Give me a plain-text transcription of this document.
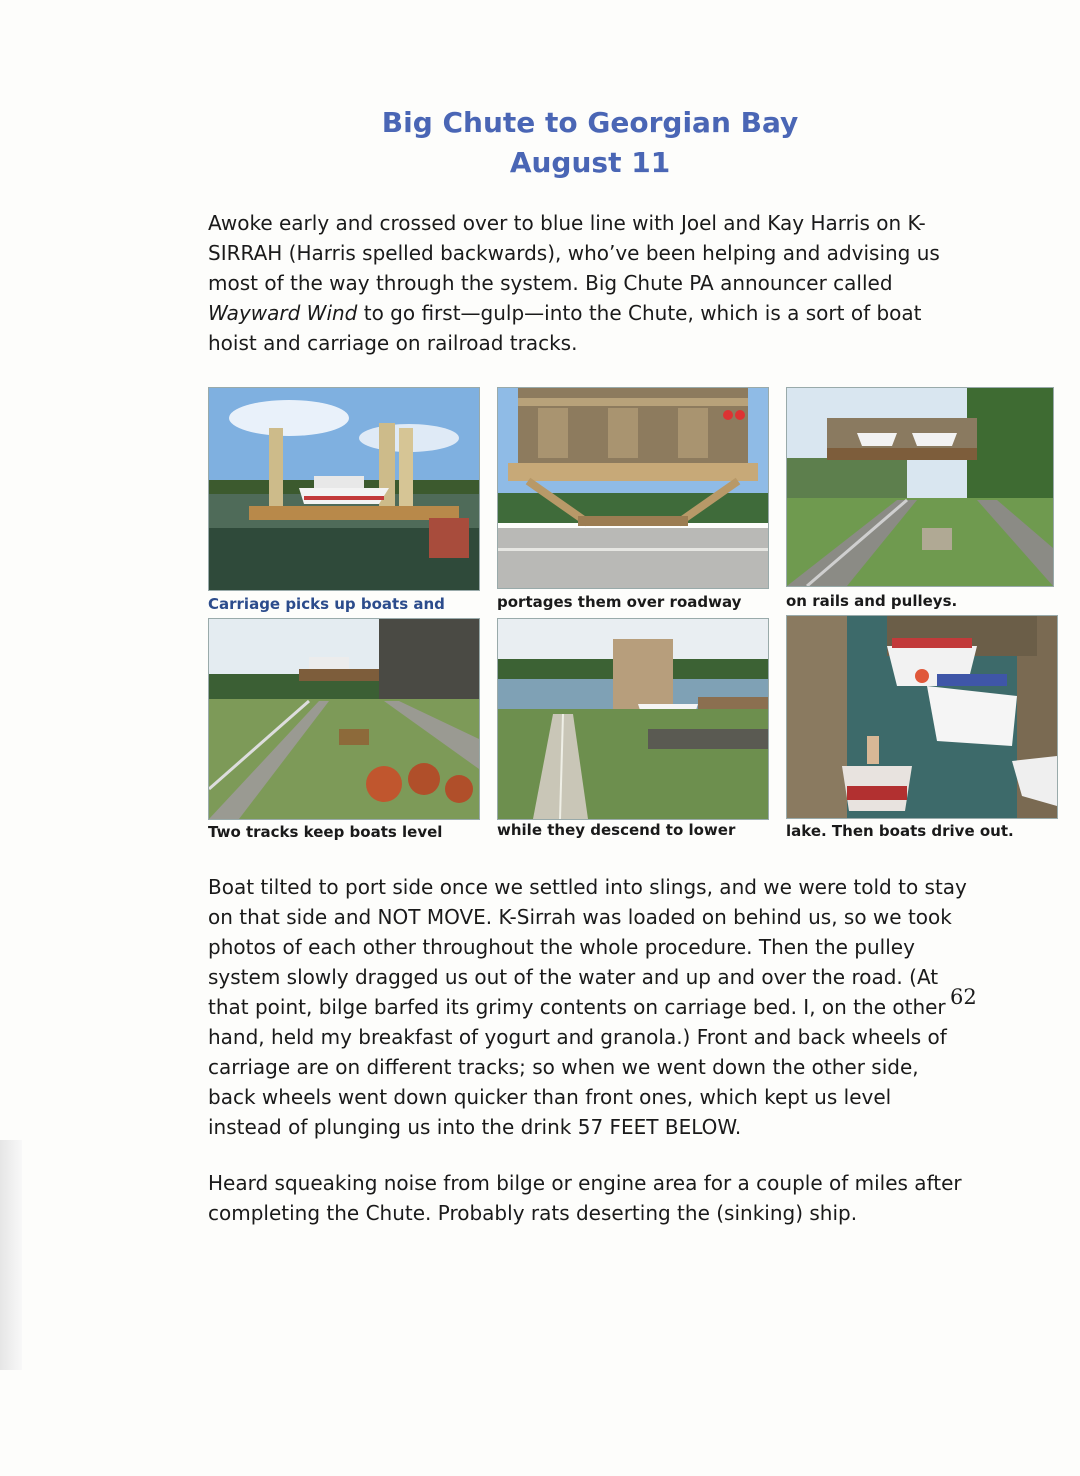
Big Chute to Georgian Bay
August 11

Awoke early and crossed over to blue line with Joel and Kay Harris on K-SIRRAH (Harris spelled backwards), who’ve been helping and advising us most of the way through the system. Big Chute PA announcer called Wayward Wind to go first—gulp—into the Chute, which is a sort of boat hoist and carriage on railroad tracks.

Carriage picks up boats and	portages them over roadway	on rails and pulleys.
Two tracks keep boats level	while they descend to lower	lake. Then boats drive out.

Boat tilted to port side once we settled into slings, and we were told to stay on that side and NOT MOVE. K-Sirrah was loaded on behind us, so we took photos of each other throughout the whole procedure. Then the pulley system slowly dragged us out of the water and up and over the road. (At that point, bilge barfed its grimy contents on carriage bed. I, on the other hand, held my breakfast of yogurt and granola.) Front and back wheels of carriage are on different tracks; so when we went down the other side, back wheels went down quicker than front ones, which kept us level instead of plunging us into the drink 57 FEET BELOW.

Heard squeaking noise from bilge or engine area for a couple of miles after completing the Chute. Probably rats deserting the (sinking) ship.

62
